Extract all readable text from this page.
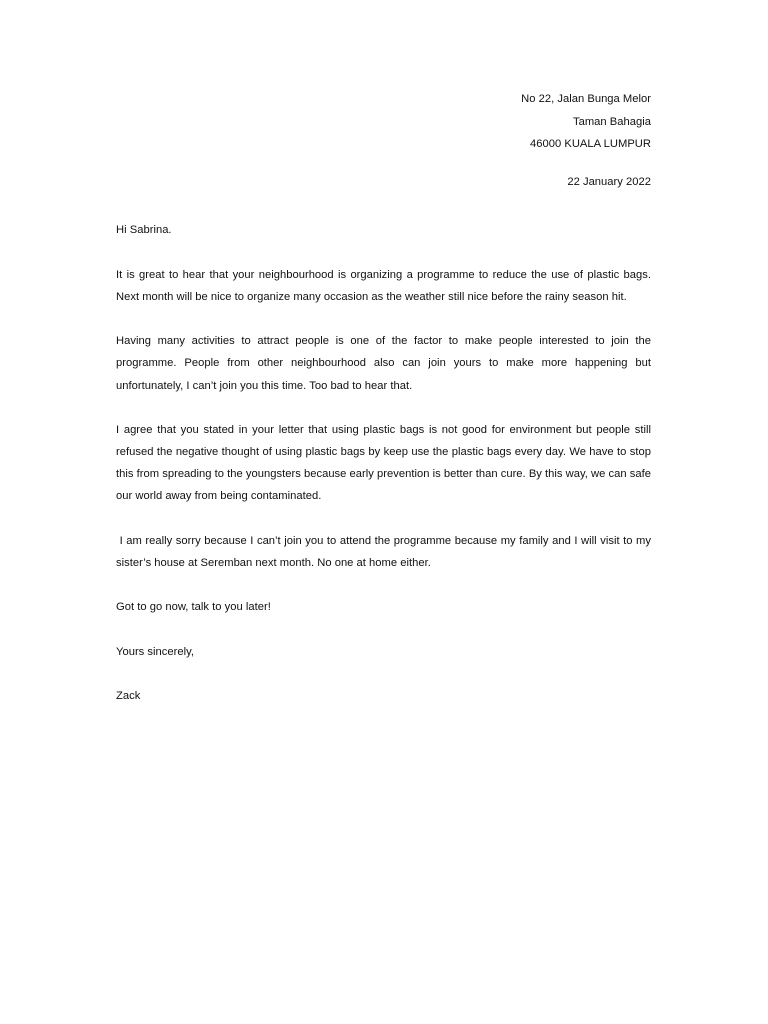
No 22, Jalan Bunga Melor
Taman Bahagia
46000 KUALA LUMPUR
22 January 2022

Hi Sabrina.

It is great to hear that your neighbourhood is organizing a programme to reduce the use of plastic bags. Next month will be nice to organize many occasion as the weather still nice before the rainy season hit.

Having many activities to attract people is one of the factor to make people interested to join the programme. People from other neighbourhood also can join yours to make more happening but unfortunately, I can’t join you this time. Too bad to hear that.

I agree that you stated in your letter that using plastic bags is not good for environment but people still refused the negative thought of using plastic bags by keep use the plastic bags every day. We have to stop this from spreading to the youngsters because early prevention is better than cure. By this way, we can safe our world away from being contaminated.

I am really sorry because I can’t join you to attend the programme because my family and I will visit to my sister’s house at Seremban next month. No one at home either.

Got to go now, talk to you later!

Yours sincerely,

Zack
